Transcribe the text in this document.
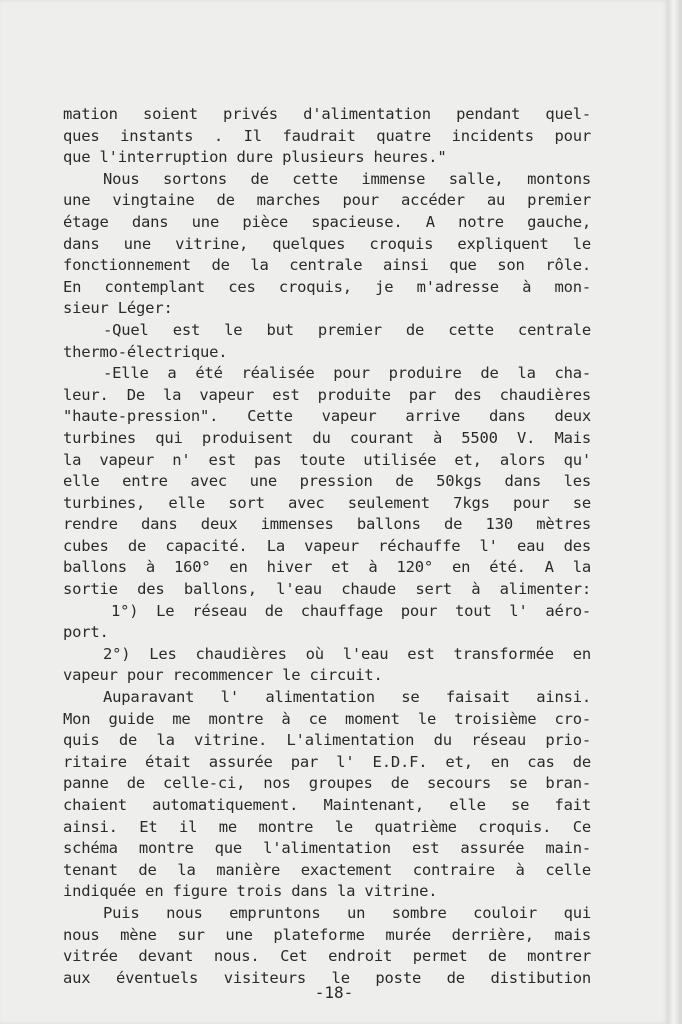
mation soient privés d'alimentation pendant quel-
ques instants . Il faudrait quatre incidents pour
que l'interruption dure plusieurs heures."
Nous sortons de cette immense salle, montons
une vingtaine de marches pour accéder au premier
étage dans une pièce spacieuse. A notre gauche,
dans une vitrine, quelques croquis expliquent le
fonctionnement de la centrale ainsi que son rôle.
En contemplant ces croquis, je m'adresse à mon-
sieur Léger:
-Quel est le but premier de cette centrale
thermo-électrique.
-Elle a été réalisée pour produire de la cha-
leur. De la vapeur est produite par des chaudières
"haute-pression". Cette vapeur arrive dans deux
turbines qui produisent du courant à 5500 V. Mais
la vapeur n' est pas toute utilisée et, alors qu'
elle entre avec une pression de 50kgs dans les
turbines, elle sort avec seulement 7kgs pour se
rendre dans deux immenses ballons de 130 mètres
cubes de capacité. La vapeur réchauffe l' eau des
ballons à 160° en hiver et à 120° en été. A la
sortie des ballons, l'eau chaude sert à alimenter:
1°) Le réseau de chauffage pour tout l' aéro-
port.
2°) Les chaudières où l'eau est transformée en
vapeur pour recommencer le circuit.
Auparavant l' alimentation se faisait ainsi.
Mon guide me montre à ce moment le troisième cro-
quis de la vitrine. L'alimentation du réseau prio-
ritaire était assurée par l' E.D.F. et, en cas de
panne de celle-ci, nos groupes de secours se bran-
chaient automatiquement. Maintenant, elle se fait
ainsi. Et il me montre le quatrième croquis. Ce
schéma montre que l'alimentation est assurée main-
tenant de la manière exactement contraire à celle
indiquée en figure trois dans la vitrine.
Puis nous empruntons un sombre couloir qui
nous mène sur une plateforme murée derrière, mais
vitrée devant nous. Cet endroit permet de montrer
aux éventuels visiteurs le poste de distibution
-18-
